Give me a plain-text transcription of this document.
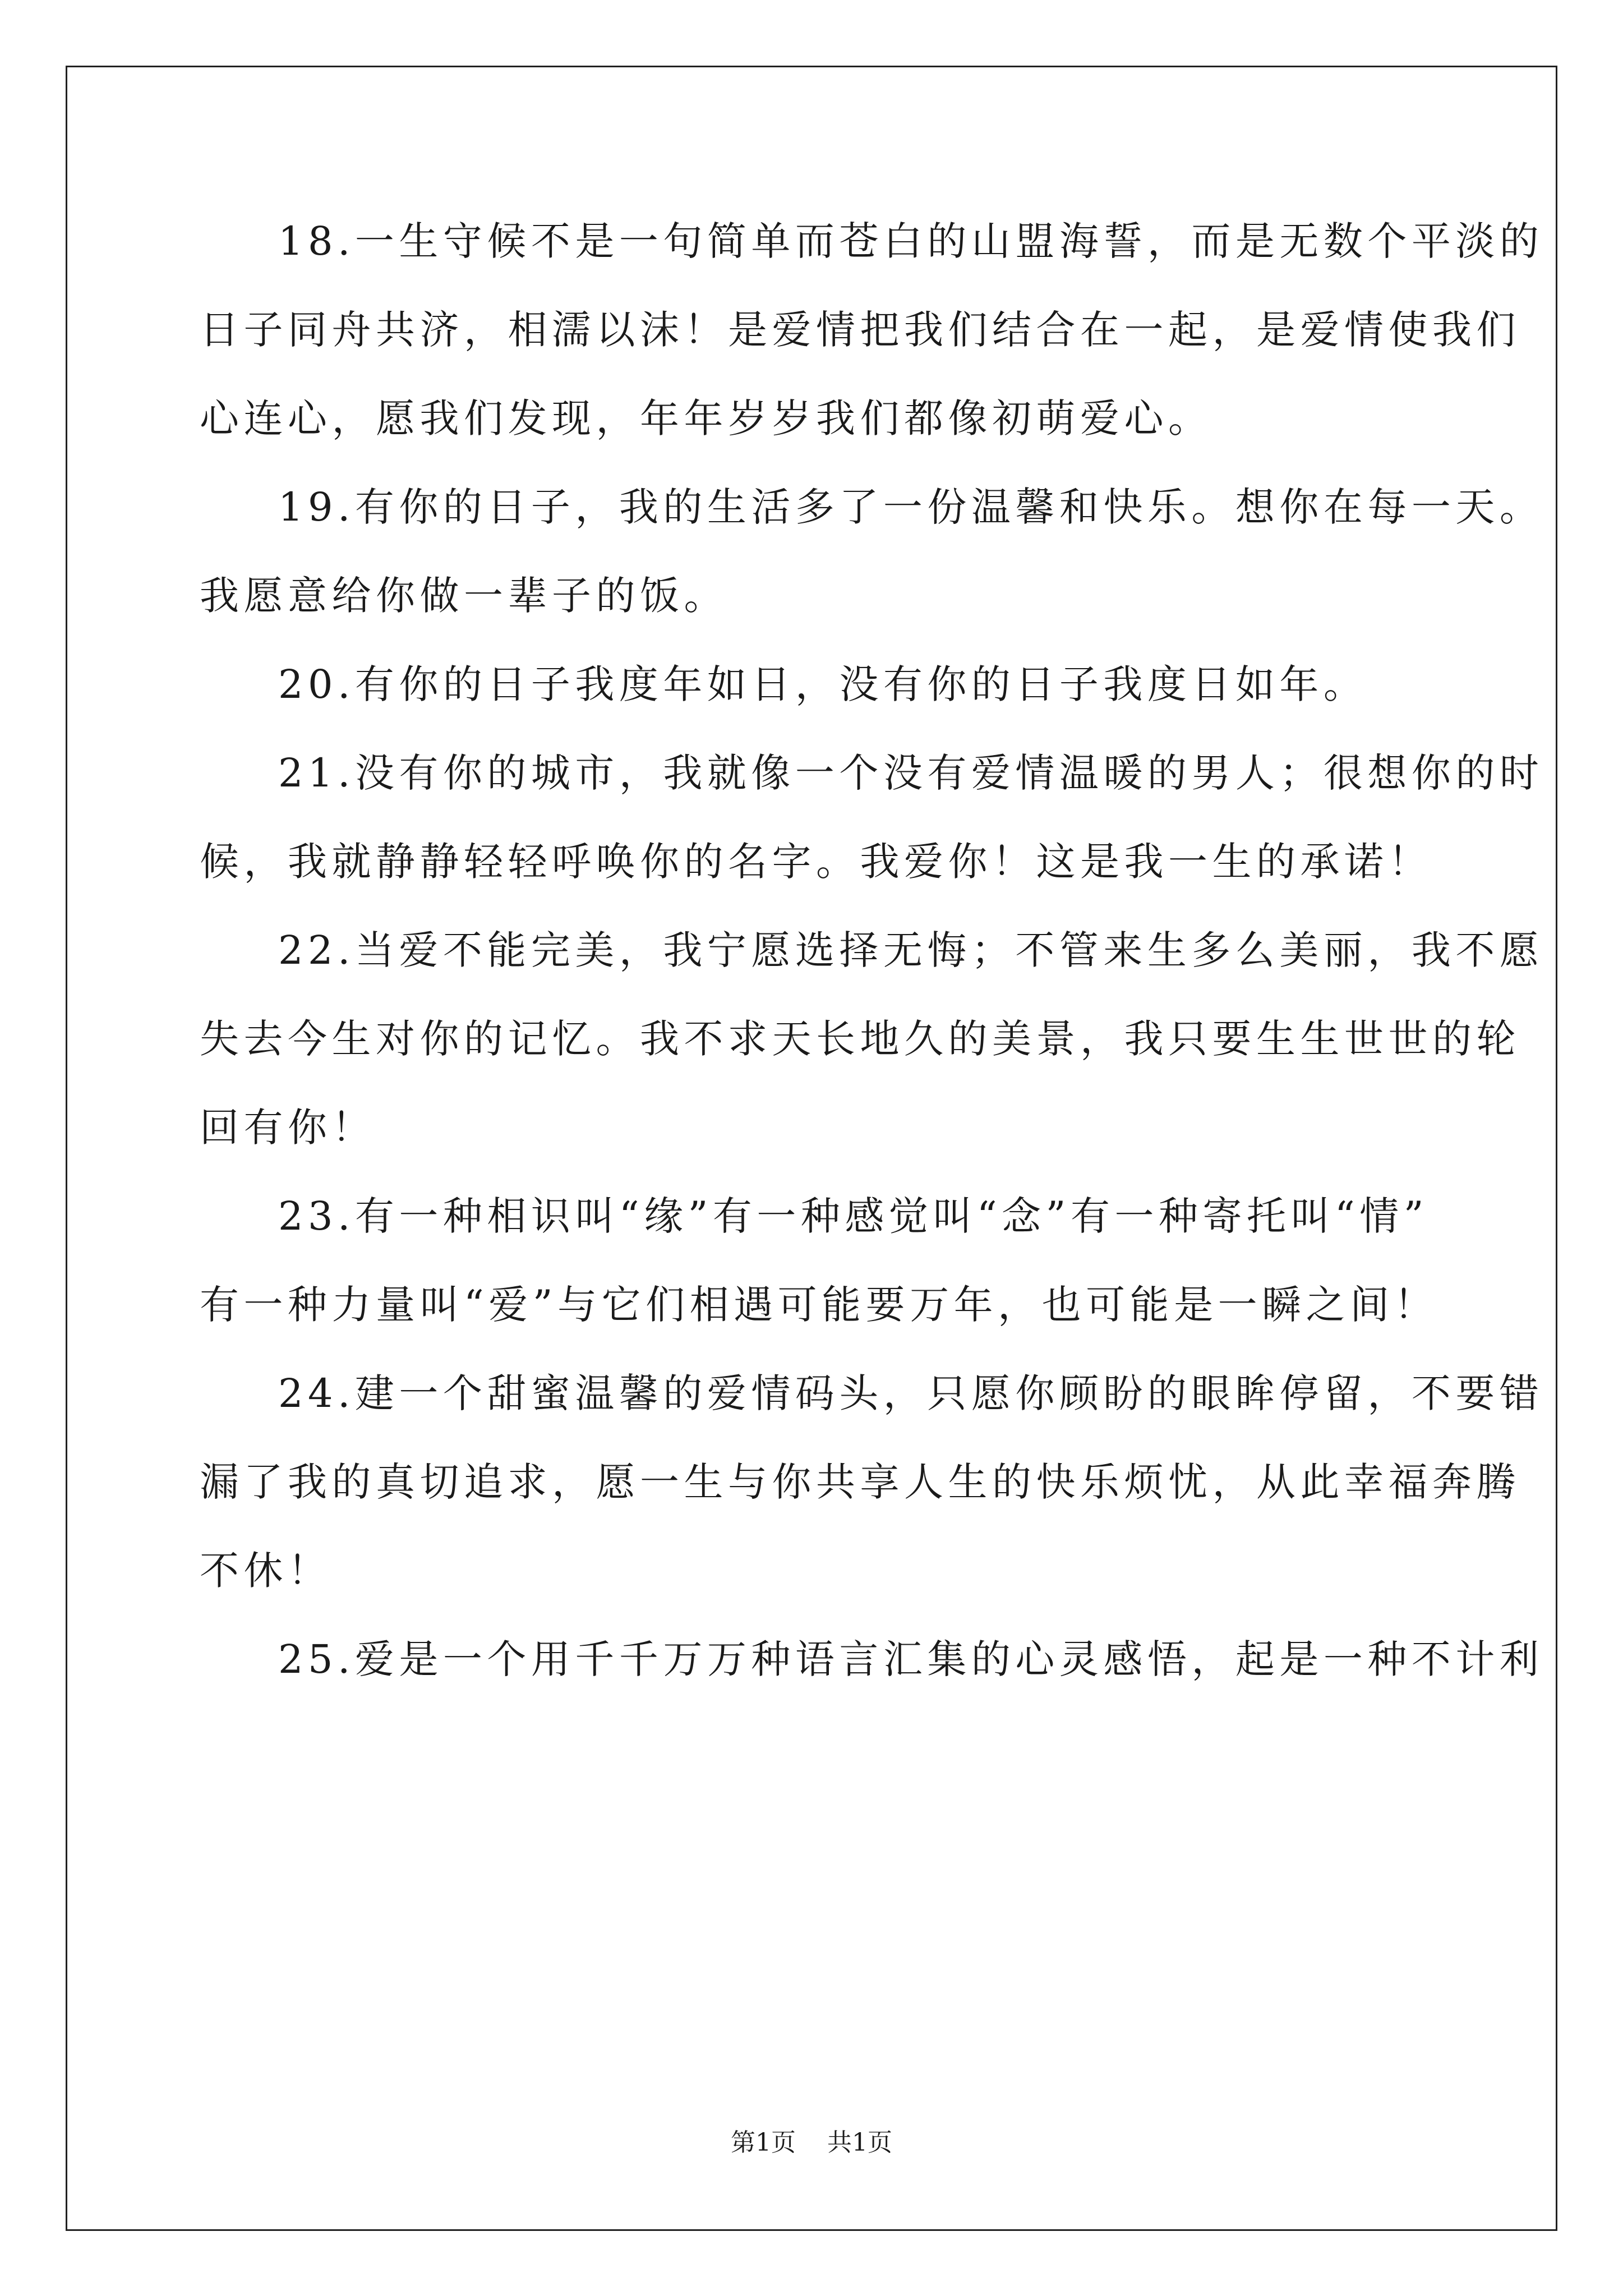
18.一生守候不是一句简单而苍白的山盟海誓，而是无数个平淡的
日子同舟共济，相濡以沫！是爱情把我们结合在一起，是爱情使我们
心连心，愿我们发现，年年岁岁我们都像初萌爱心。
19.有你的日子，我的生活多了一份温馨和快乐。想你在每一天。
我愿意给你做一辈子的饭。
20.有你的日子我度年如日，没有你的日子我度日如年。
21.没有你的城市，我就像一个没有爱情温暖的男人；很想你的时
候，我就静静轻轻呼唤你的名字。我爱你！这是我一生的承诺！
22.当爱不能完美，我宁愿选择无悔；不管来生多么美丽，我不愿
失去今生对你的记忆。我不求天长地久的美景，我只要生生世世的轮
回有你！
23.有一种相识叫“缘”有一种感觉叫“念”有一种寄托叫“情”
有一种力量叫“爱”与它们相遇可能要万年，也可能是一瞬之间！
24.建一个甜蜜温馨的爱情码头，只愿你顾盼的眼眸停留，不要错
漏了我的真切追求，愿一生与你共享人生的快乐烦忧，从此幸福奔腾
不休！
25.爱是一个用千千万万种语言汇集的心灵感悟，起是一种不计利
第1页 共1页
